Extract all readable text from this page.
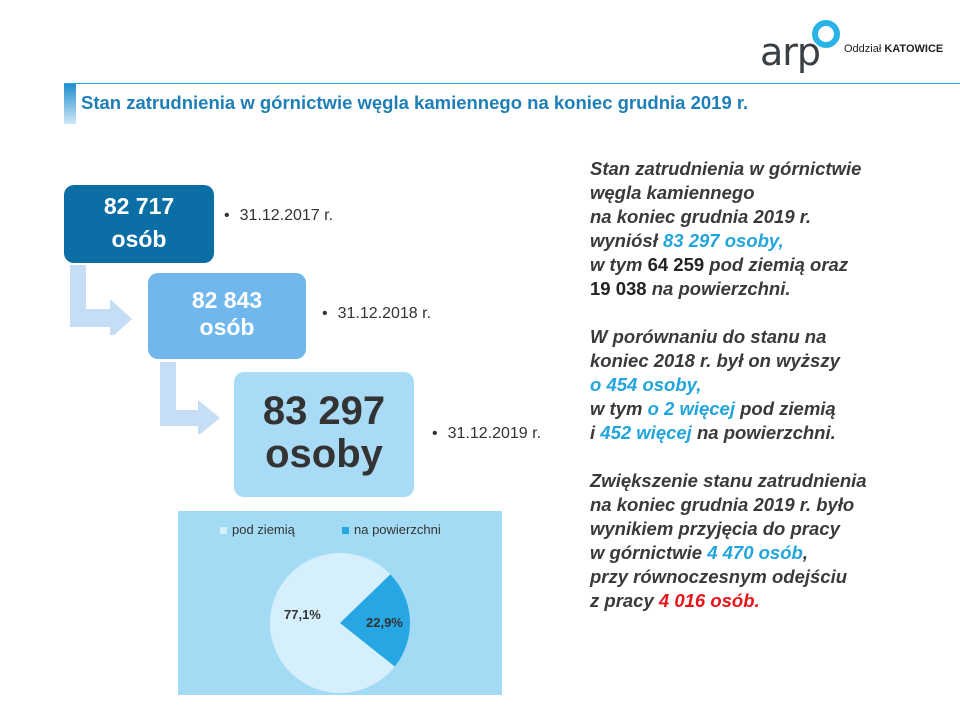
arp Oddział KATOWICE
Stan zatrudnienia w górnictwie węgla kamiennego na koniec grudnia 2019 r.
82 717
osób
• 31.12.2017 r.
82 843
osób
• 31.12.2018 r.
83 297
osoby	• 31.12.2019 r.
pod ziemią	na powierzchni
77,1%
22,9%

Stan zatrudnienia w górnictwie

węgla kamiennego

na koniec grudnia 2019 r.

wyniósł 83 297 osoby,

w tym 64 259 pod ziemią oraz

19 038 na powierzchni.

W porównaniu do stanu na

koniec 2018 r. był on wyższy

o 454 osoby,

w tym o 2 więcej pod ziemią

i 452 więcej na powierzchni.

Zwiększenie stanu zatrudnienia

na koniec grudnia 2019 r. było

wynikiem przyjęcia do pracy

w górnictwie 4 470 osób,

przy równoczesnym odejściu

z pracy 4 016 osób.
